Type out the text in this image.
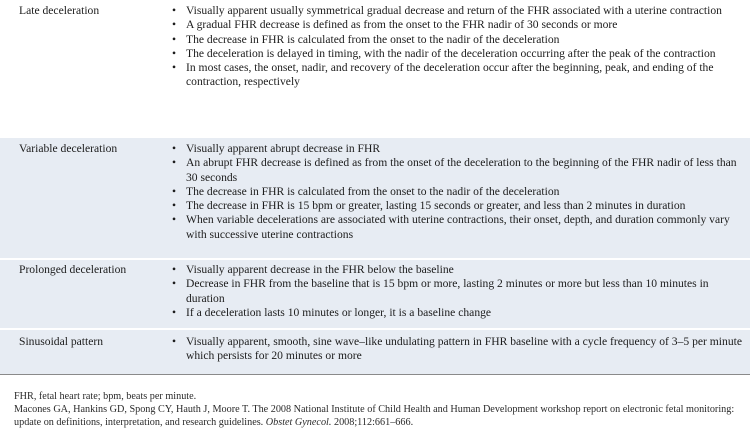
Late deceleration	• Visually apparent usually symmetrical gradual decrease and return of the FHR associated with a uterine contraction
• A gradual FHR decrease is defined as from the onset to the FHR nadir of 30 seconds or more
• The decrease in FHR is calculated from the onset to the nadir of the deceleration
• The deceleration is delayed in timing, with the nadir of the deceleration occurring after the peak of the contraction
• In most cases, the onset, nadir, and recovery of the deceleration occur after the beginning, peak, and ending of the contraction, respectively
Variable deceleration	• Visually apparent abrupt decrease in FHR
• An abrupt FHR decrease is defined as from the onset of the deceleration to the beginning of the FHR nadir of less than 30 seconds
• The decrease in FHR is calculated from the onset to the nadir of the deceleration
• The decrease in FHR is 15 bpm or greater, lasting 15 seconds or greater, and less than 2 minutes in duration
• When variable decelerations are associated with uterine contractions, their onset, depth, and duration commonly vary with successive uterine contractions
Prolonged deceleration	• Visually apparent decrease in the FHR below the baseline
• Decrease in FHR from the baseline that is 15 bpm or more, lasting 2 minutes or more but less than 10 minutes in duration
• If a deceleration lasts 10 minutes or longer, it is a baseline change
Sinusoidal pattern	• Visually apparent, smooth, sine wave–like undulating pattern in FHR baseline with a cycle frequency of 3–5 per minute which persists for 20 minutes or more

FHR, fetal heart rate; bpm, beats per minute.

Macones GA, Hankins GD, Spong CY, Hauth J, Moore T. The 2008 National Institute of Child Health and Human Development workshop report on electronic fetal monitoring: update on definitions, interpretation, and research guidelines. Obstet Gynecol. 2008;112:661–666.
